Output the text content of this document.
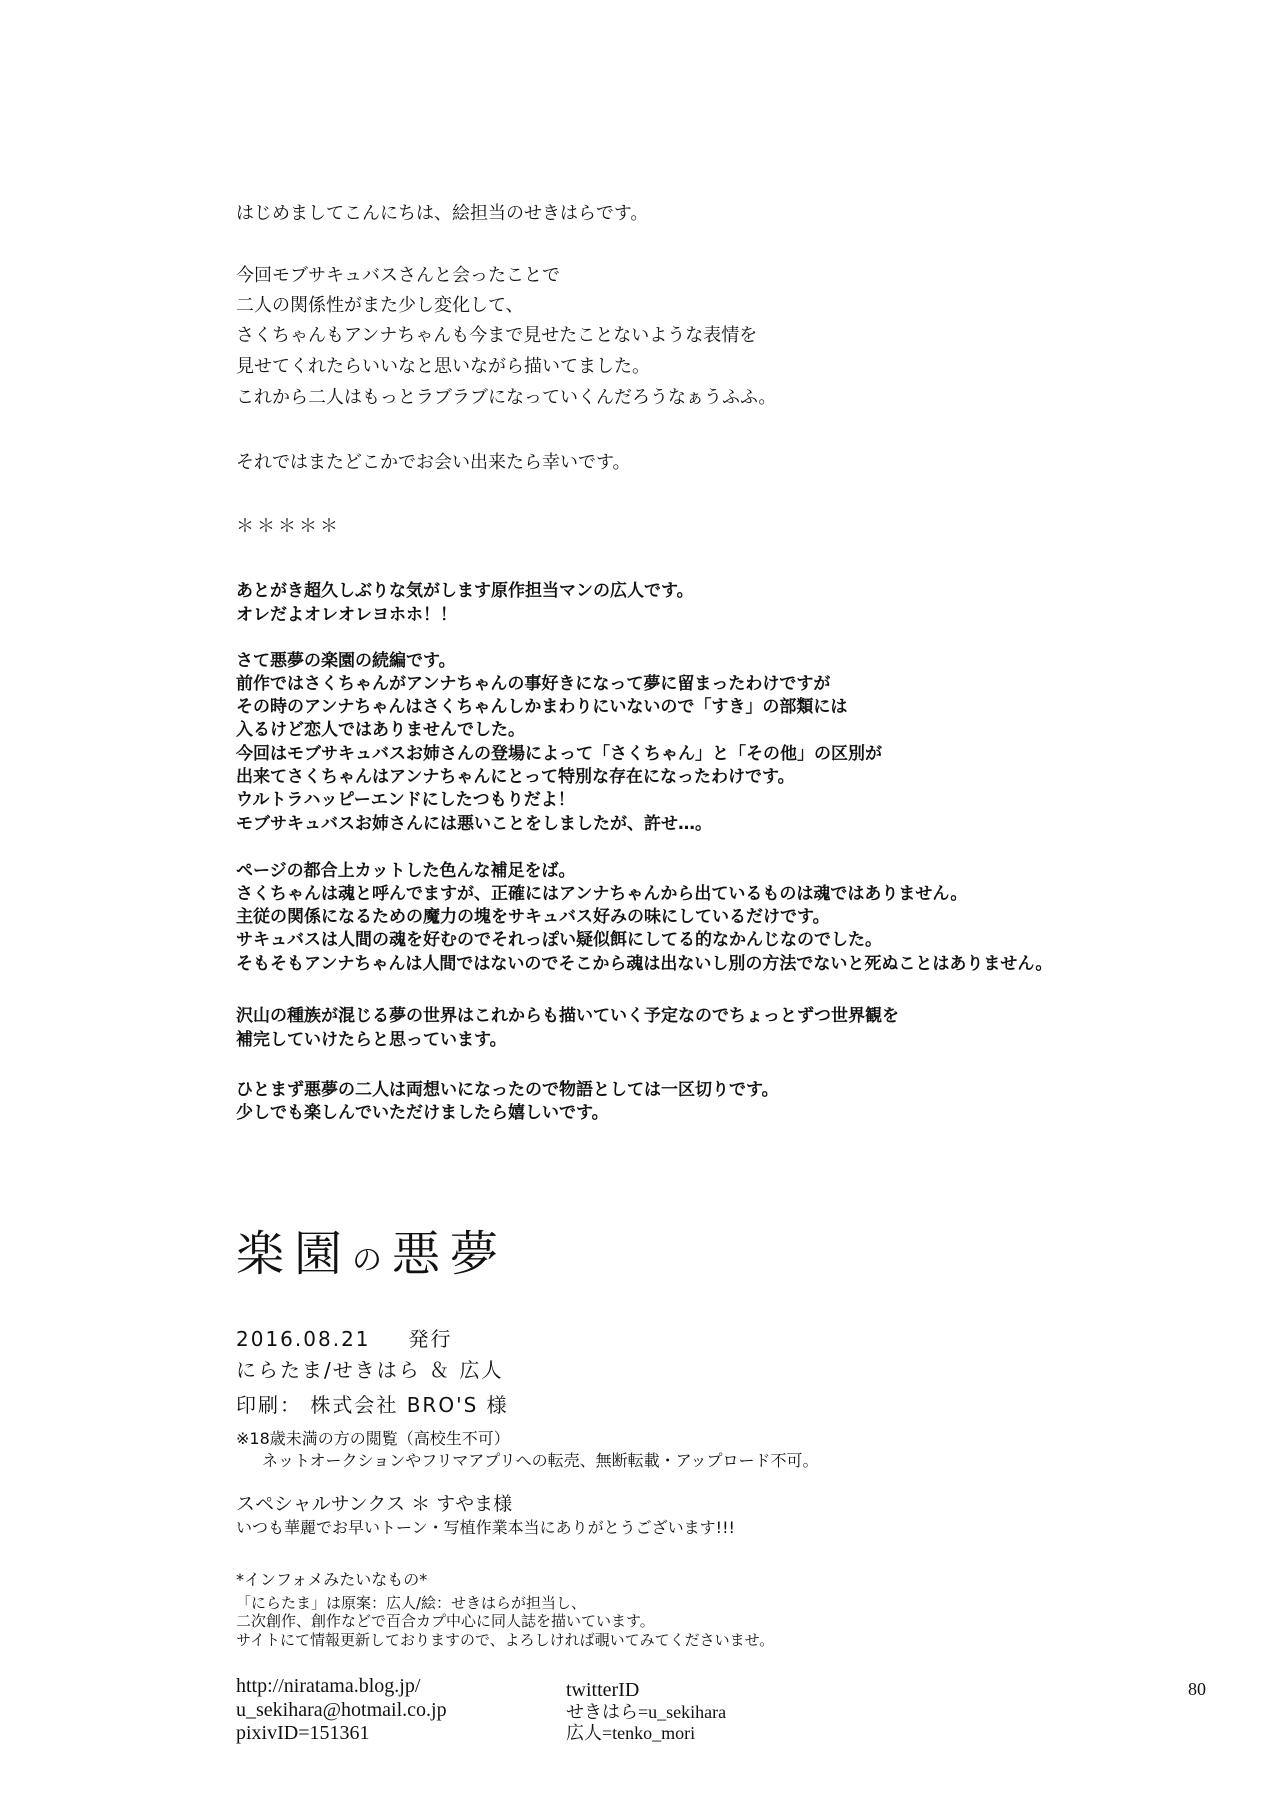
はじめましてこんにちは、絵担当のせきはらです。
今回モブサキュバスさんと会ったことで
二人の関係性がまた少し変化して、
さくちゃんもアンナちゃんも今まで見せたことないような表情を
見せてくれたらいいなと思いながら描いてました。
これから二人はもっとラブラブになっていくんだろうなぁうふふ。
それではまたどこかでお会い出来たら幸いです。
＊＊＊＊＊
あとがき超久しぶりな気がします原作担当マンの広人です。
オレだよオレオレヨホホ！！
さて悪夢の楽園の続編です。
前作ではさくちゃんがアンナちゃんの事好きになって夢に留まったわけですが
その時のアンナちゃんはさくちゃんしかまわりにいないので「すき」の部類には
入るけど恋人ではありませんでした。
今回はモブサキュバスお姉さんの登場によって「さくちゃん」と「その他」の区別が
出来てさくちゃんはアンナちゃんにとって特別な存在になったわけです。
ウルトラハッピーエンドにしたつもりだよ！
モブサキュバスお姉さんには悪いことをしましたが、許せ…。
ページの都合上カットした色んな補足をば。
さくちゃんは魂と呼んでますが、正確にはアンナちゃんから出ているものは魂ではありません。
主従の関係になるための魔力の塊をサキュバス好みの味にしているだけです。
サキュバスは人間の魂を好むのでそれっぽい疑似餌にしてる的なかんじなのでした。
そもそもアンナちゃんは人間ではないのでそこから魂は出ないし別の方法でないと死ぬことはありません。
沢山の種族が混じる夢の世界はこれからも描いていく予定なのでちょっとずつ世界観を
補完していけたらと思っています。
ひとまず悪夢の二人は両想いになったので物語としては一区切りです。
少しでも楽しんでいただけましたら嬉しいです。
楽園の悪夢
2016.08.21 発行
にらたま/せきはら ＆ 広人
印刷： 株式会社 BRO'S 様
※18歳未満の方の閲覧（高校生不可）
ネットオークションやフリマアプリへの転売、無断転載・アップロード不可。
スペシャルサンクス ＊ すやま様
いつも華麗でお早いトーン・写植作業本当にありがとうございます!!!
*インフォメみたいなもの*
「にらたま」は原案：広人/絵：せきはらが担当し、
二次創作、創作などで百合カプ中心に同人誌を描いています。
サイトにて情報更新しておりますので、よろしければ覗いてみてくださいませ。
http://niratama.blog.jp/
u_sekihara@hotmail.co.jp
pixivID=151361
twitterID
せきはら=u_sekihara
広人=tenko_mori
80
